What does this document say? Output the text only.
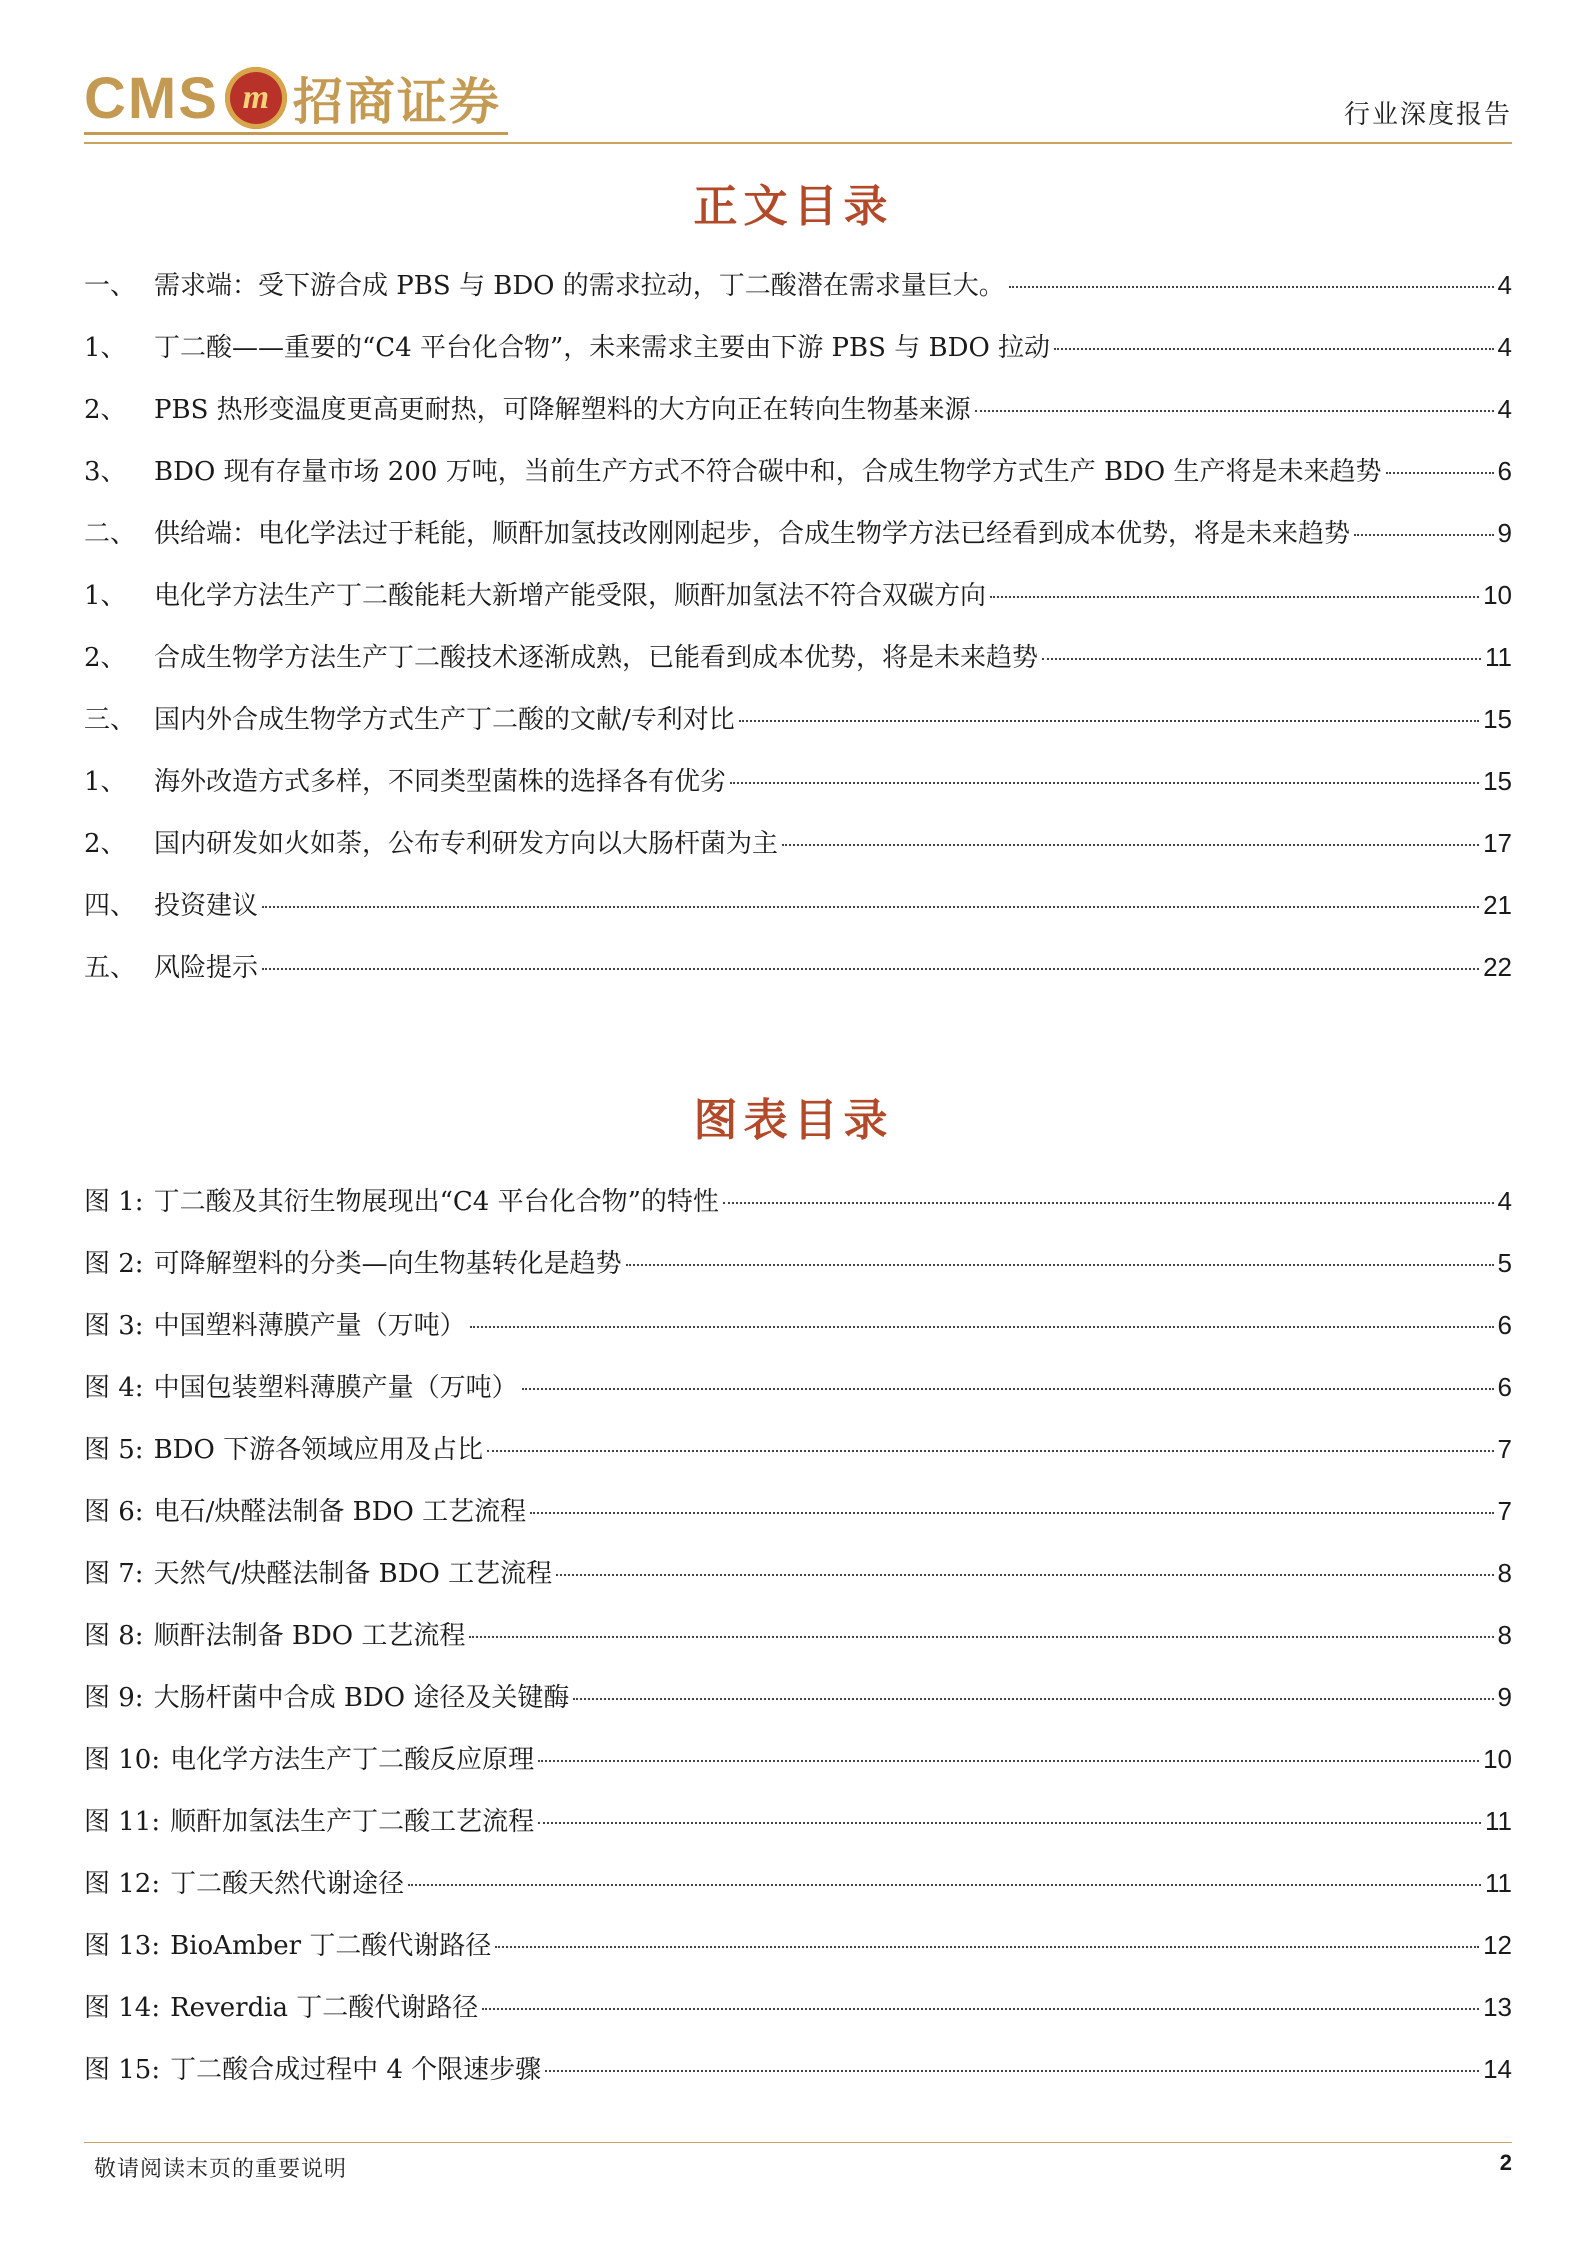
CMS m 招商证券	行业深度报告
正文目录
一、 需求端：受下游合成 PBS 与 BDO 的需求拉动，丁二酸潜在需求量巨大。	4
1、 丁二酸——重要的“C4 平台化合物”，未来需求主要由下游 PBS 与 BDO 拉动	4
2、 PBS 热形变温度更高更耐热，可降解塑料的大方向正在转向生物基来源	4
3、 BDO 现有存量市场 200 万吨，当前生产方式不符合碳中和，合成生物学方式生产 BDO 生产将是未来趋势	6
二、 供给端：电化学法过于耗能，顺酐加氢技改刚刚起步，合成生物学方法已经看到成本优势，将是未来趋势	9
1、 电化学方法生产丁二酸能耗大新增产能受限，顺酐加氢法不符合双碳方向	10
2、 合成生物学方法生产丁二酸技术逐渐成熟，已能看到成本优势，将是未来趋势	11
三、 国内外合成生物学方式生产丁二酸的文献/专利对比	15
1、 海外改造方式多样，不同类型菌株的选择各有优劣	15
2、 国内研发如火如荼，公布专利研发方向以大肠杆菌为主	17
四、 投资建议	21
五、 风险提示	22
图表目录
图 1: 丁二酸及其衍生物展现出“C4 平台化合物”的特性	4
图 2: 可降解塑料的分类—向生物基转化是趋势	5
图 3: 中国塑料薄膜产量（万吨）	6
图 4: 中国包装塑料薄膜产量（万吨）	6
图 5: BDO 下游各领域应用及占比	7
图 6: 电石/炔醛法制备 BDO 工艺流程	7
图 7: 天然气/炔醛法制备 BDO 工艺流程	8
图 8: 顺酐法制备 BDO 工艺流程	8
图 9: 大肠杆菌中合成 BDO 途径及关键酶	9
图 10: 电化学方法生产丁二酸反应原理	10
图 11: 顺酐加氢法生产丁二酸工艺流程	11
图 12: 丁二酸天然代谢途径	11
图 13: BioAmber 丁二酸代谢路径	12
图 14: Reverdia 丁二酸代谢路径	13
图 15: 丁二酸合成过程中 4 个限速步骤	14
敬请阅读末页的重要说明	2
